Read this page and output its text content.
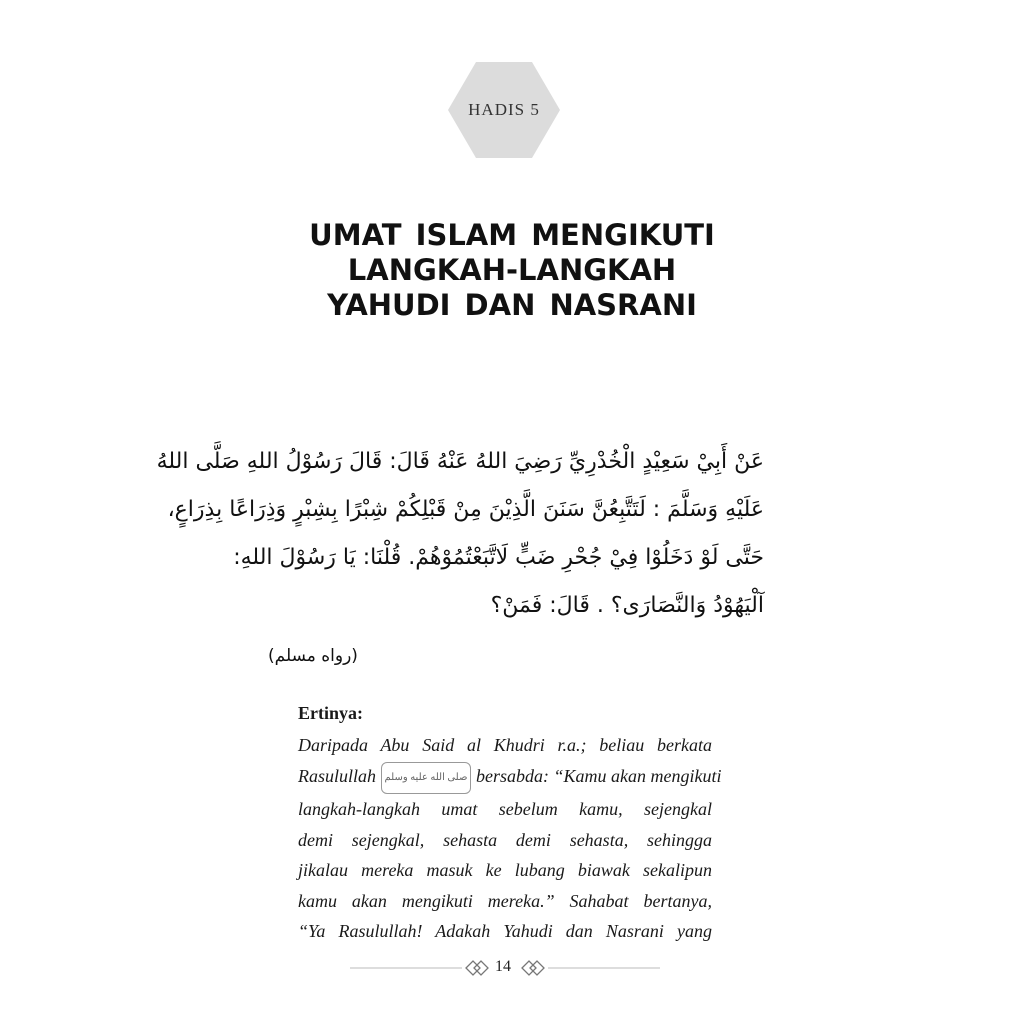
HADIS 5
UMAT ISLAM MENGIKUTI
LANGKAH-LANGKAH
YAHUDI DAN NASRANI
عَنْ أَبِيْ سَعِيْدٍ الْخُدْرِيِّ رَضِيَ اللهُ عَنْهُ قَالَ: قَالَ رَسُوْلُ اللهِ صَلَّى اللهُ
عَلَيْهِ وَسَلَّمَ : لَتَتَّبِعُنَّ سَنَنَ الَّذِيْنَ مِنْ قَبْلِكُمْ شِبْرًا بِشِبْرٍ وَذِرَاعًا بِذِرَاعٍ،
حَتَّى لَوْ دَخَلُوْا فِيْ جُحْرِ ضَبٍّ لَاتَّبَعْتُمُوْهُمْ. قُلْنَا: يَا رَسُوْلَ اللهِ:
آلْيَهُوْدُ وَالنَّصَارَى؟ . قَالَ: فَمَنْ؟
(رواه مسلم)
Ertinya:
Daripada Abu Said al Khudri r.a.; beliau berkata
Rasulullah صلى الله عليه وسلم bersabda: “Kamu akan mengikuti
langkah-langkah umat sebelum kamu, sejengkal
demi sejengkal, sehasta demi sehasta, sehingga
jikalau mereka masuk ke lubang biawak sekalipun
kamu akan mengikuti mereka.” Sahabat bertanya,
“Ya Rasulullah! Adakah Yahudi dan Nasrani yang
14
